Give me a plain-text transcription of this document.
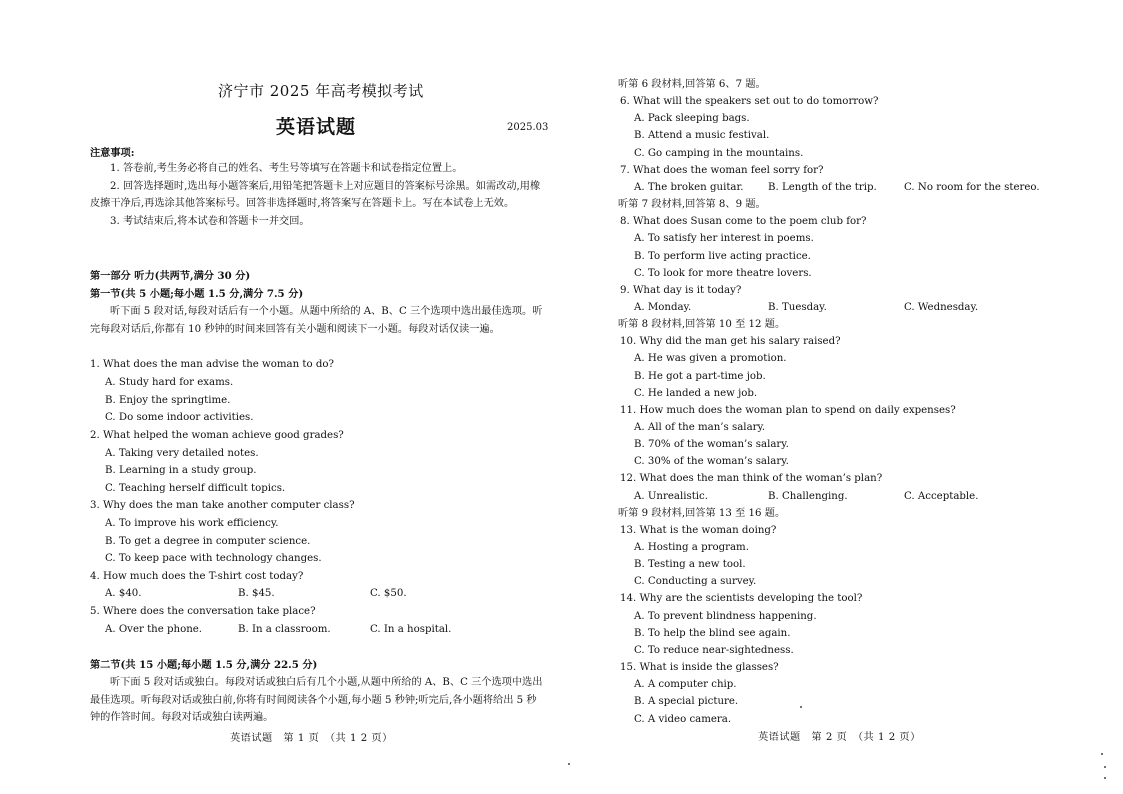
济宁市 2025 年高考模拟考试
英语试题	2025.03
注意事项:

1. 答卷前,考生务必将自己的姓名、考生号等填写在答题卡和试卷指定位置上。

2. 回答选择题时,选出每小题答案后,用铅笔把答题卡上对应题目的答案标号涂黑。如需改动,用橡皮擦干净后,再选涂其他答案标号。回答非选择题时,将答案写在答题卡上。写在本试卷上无效。

3. 考试结束后,将本试卷和答题卡一并交回。

第一部分 听力(共两节,满分 30 分)
第一节(共 5 小题;每小题 1.5 分,满分 7.5 分)

听下面 5 段对话,每段对话后有一个小题。从题中所给的 A、B、C 三个选项中选出最佳选项。听完每段对话后,你都有 10 秒钟的时间来回答有关小题和阅读下一小题。每段对话仅读一遍。

1. What does the man advise the woman to do?
A. Study hard for exams.
B. Enjoy the springtime.
C. Do some indoor activities.
2. What helped the woman achieve good grades?
A. Taking very detailed notes.
B. Learning in a study group.
C. Teaching herself difficult topics.
3. Why does the man take another computer class?
A. To improve his work efficiency.
B. To get a degree in computer science.
C. To keep pace with technology changes.
4. How much does the T-shirt cost today?
A. $40.	B. $45.	C. $50.
5. Where does the conversation take place?
A. Over the phone.	B. In a classroom.	C. In a hospital.
第二节(共 15 小题;每小题 1.5 分,满分 22.5 分)

听下面 5 段对话或独白。每段对话或独白后有几个小题,从题中所给的 A、B、C 三个选项中选出最佳选项。听每段对话或独白前,你将有时间阅读各个小题,每小题 5 秒钟;听完后,各小题将给出 5 秒钟的作答时间。每段对话或独白读两遍。

英语试题　第 1 页　（共 1 2 页）
听第 6 段材料,回答第 6、7 题。
6. What will the speakers set out to do tomorrow?
A. Pack sleeping bags.
B. Attend a music festival.
C. Go camping in the mountains.
7. What does the woman feel sorry for?
A. The broken guitar. B. Length of the trip.	C. No room for the stereo.
听第 7 段材料,回答第 8、9 题。
8. What does Susan come to the poem club for?
A. To satisfy her interest in poems.
B. To perform live acting practice.
C. To look for more theatre lovers.
9. What day is it today?
A. Monday.	B. Tuesday.	C. Wednesday.
听第 8 段材料,回答第 10 至 12 题。
10. Why did the man get his salary raised?
A. He was given a promotion.
B. He got a part-time job.
C. He landed a new job.
11. How much does the woman plan to spend on daily expenses?
A. All of the man’s salary.
B. 70% of the woman’s salary.
C. 30% of the woman’s salary.
12. What does the man think of the woman’s plan?
A. Unrealistic.	B. Challenging.	C. Acceptable.
听第 9 段材料,回答第 13 至 16 题。
13. What is the woman doing?
A. Hosting a program.
B. Testing a new tool.
C. Conducting a survey.
14. Why are the scientists developing the tool?
A. To prevent blindness happening.
B. To help the blind see again.
C. To reduce near-sightedness.
15. What is inside the glasses?
A. A computer chip.
B. A special picture.
C. A video camera.
英语试题　第 2 页　（共 1 2 页）
